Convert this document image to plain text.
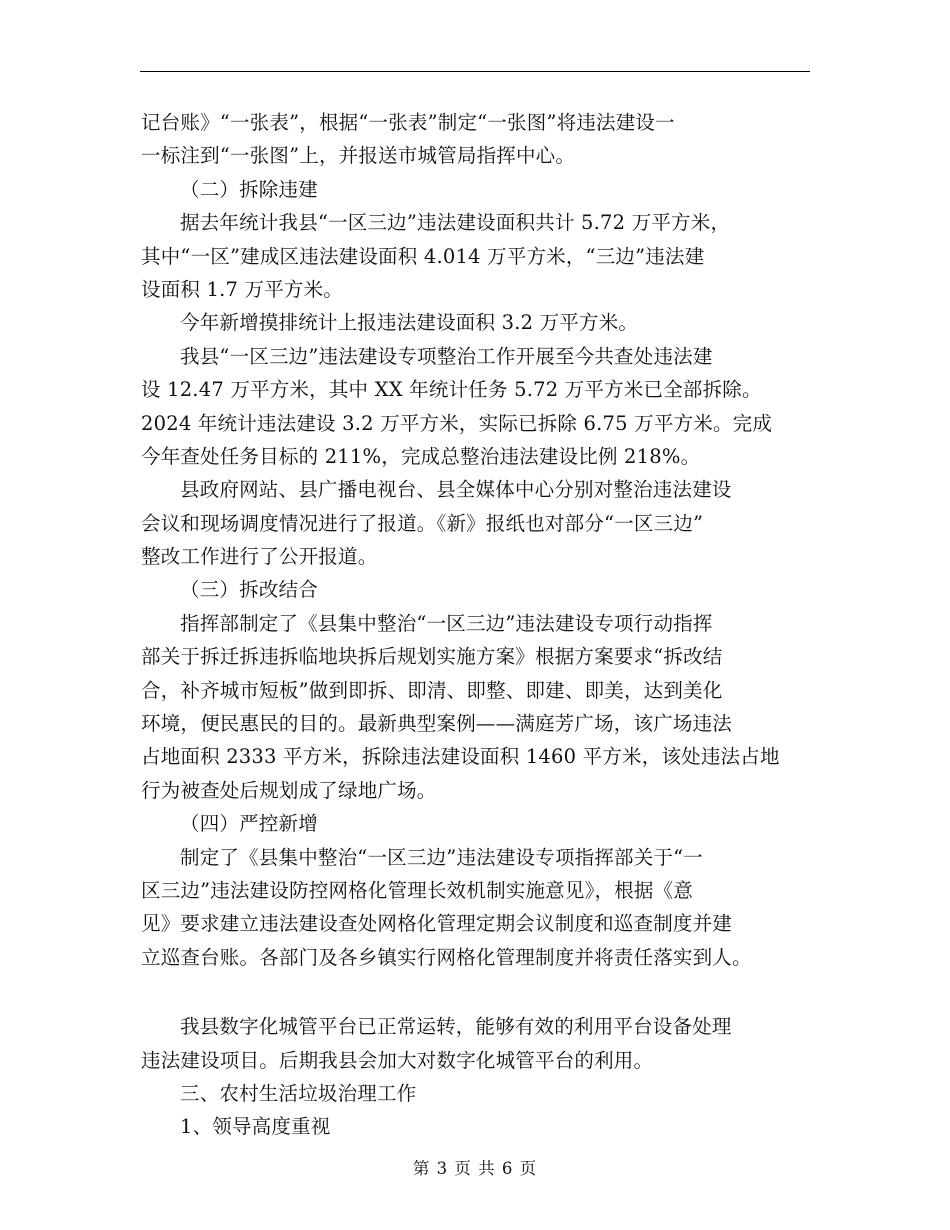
记台账》“一张表”，根据“一张表”制定“一张图”将违法建设一
一标注到“一张图”上，并报送市城管局指挥中心。
（二）拆除违建
据去年统计我县“一区三边”违法建设面积共计 5.72 万平方米，
其中“一区”建成区违法建设面积 4.014 万平方米，“三边”违法建
设面积 1.7 万平方米。
今年新增摸排统计上报违法建设面积 3.2 万平方米。
我县“一区三边”违法建设专项整治工作开展至今共查处违法建
设 12.47 万平方米，其中 XX 年统计任务 5.72 万平方米已全部拆除。
2024 年统计违法建设 3.2 万平方米，实际已拆除 6.75 万平方米。完成
今年查处任务目标的 211%，完成总整治违法建设比例 218%。
县政府网站、县广播电视台、县全媒体中心分别对整治违法建设
会议和现场调度情况进行了报道。《新》报纸也对部分“一区三边”
整改工作进行了公开报道。
（三）拆改结合
指挥部制定了《县集中整治“一区三边”违法建设专项行动指挥
部关于拆迁拆违拆临地块拆后规划实施方案》根据方案要求“拆改结
合，补齐城市短板”做到即拆、即清、即整、即建、即美，达到美化
环境，便民惠民的目的。最新典型案例——满庭芳广场，该广场违法
占地面积 2333 平方米，拆除违法建设面积 1460 平方米，该处违法占地
行为被查处后规划成了绿地广场。
（四）严控新增
制定了《县集中整治“一区三边”违法建设专项指挥部关于“一
区三边”违法建设防控网格化管理长效机制实施意见》，根据《意
见》要求建立违法建设查处网格化管理定期会议制度和巡查制度并建
立巡查台账。各部门及各乡镇实行网格化管理制度并将责任落实到人。
我县数字化城管平台已正常运转，能够有效的利用平台设备处理
违法建设项目。后期我县会加大对数字化城管平台的利用。
三、农村生活垃圾治理工作
1、领导高度重视
第 3 页 共 6 页
